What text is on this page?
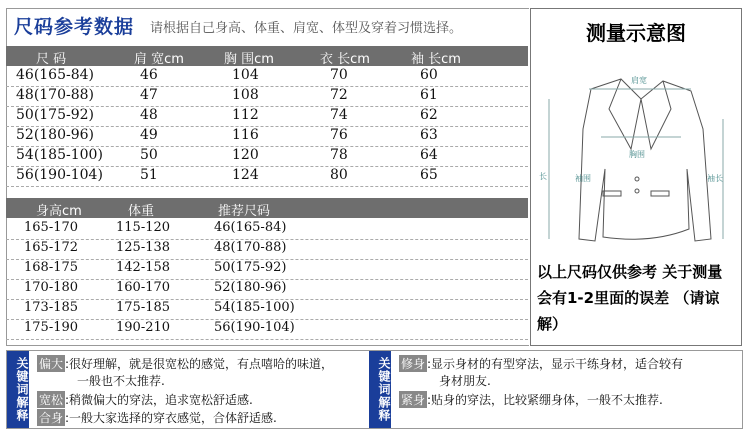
尺码参考数据 请根据自己身高、体重、肩宽、体型及穿着习惯选择。
尺 码	肩 宽cm	胸 围cm	衣 长cm	袖 长cm
46(165-84)	46	104	70	60
48(170-88)	47	108	72	61
50(175-92)	48	112	74	62
52(180-96)	49	116	76	63
54(185-100)	50	120	78	64
56(190-104)	51	124	80	65
身高cm	体重	推荐尺码
165-170	115-120	46(165-84)
165-172	125-138	48(170-88)
168-175	142-158	50(175-92)
170-180	160-170	52(180-96)
173-185	175-185	54(185-100)
175-190	190-210	56(190-104)
测量示意图
肩宽
胸围
长	袖围	袖长
以上尺码仅供参考 关于测量会有1-2里面的误差 （请谅解）
关键词解释 偏大 :很好理解，就是很宽松的感觉，有点嘻哈的味道，
一般也不太推荐.
宽松 :稍微偏大的穿法，追求宽松舒适感.
合身 :一般大家选择的穿衣感觉，合体舒适感.	关键词解释 修身 :显示身材的有型穿法，显示干练身材，适合较有
身材朋友.
紧身 :贴身的穿法，比较紧绷身体，一般不太推荐.
